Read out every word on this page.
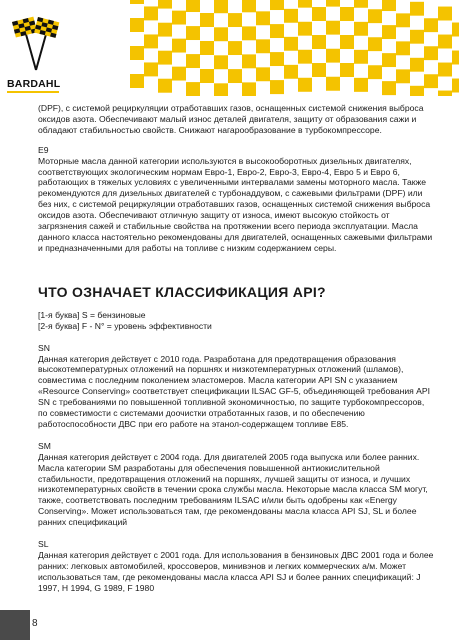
BARDAHL

(DPF), с системой рециркуляции отработавших газов, оснащенных системой снижения выброса оксидов азота. Обеспечивают малый износ деталей двигателя, защиту от образования сажи и обладают стабильностью свойств. Снижают нагарообразование в турбокомпрессоре.

E9

Моторные масла данной категории используются в высокооборотных дизельных двигателях, соответствующих экологическим нормам Евро-1, Евро-2, Евро-3, Евро-4, Евро 5 и Евро 6, работающих в тяжелых условиях с увеличенными интервалами замены моторного масла. Также рекомендуются для дизельных двигателей с турбонаддувом, с сажевыми фильтрами (DPF) или без них, с системой рециркуляции отработавших газов, оснащенных системой снижения выброса оксидов азота. Обеспечивают отличную защиту от износа, имеют высокую стойкость от загрязнения сажей и стабильные свойства на протяжении всего периода эксплуатации. Масла данного класса настоятельно рекомендованы для двигателей, оснащенных сажевыми фильтрами и предназначенными для работы на топливе с низким содержанием серы.

ЧТО ОЗНАЧАЕТ КЛАССИФИКАЦИЯ API?

[1-я буква] S = бензиновые

[2-я буква] F - N° = уровень эффективности

SN

Данная категория действует с 2010 года. Разработана для предотвращения образования высокотемпературных отложений на поршнях и низкотемпературных отложений (шламов), совместима с последним поколением эластомеров. Масла категории API SN с указанием «Resource Conserving» соответствует спецификации ILSAC GF-5, объединяющей требования API SN с требованиями по повышенной топливной экономичностью, по защите турбокомпрессоров, по совместимости с системами доочистки отработанных газов, и по обеспечению работоспособности ДВС при его работе на этанол-содержащем топливе E85.

SM

Данная категория действует с 2004 года. Для двигателей 2005 года выпуска или более ранних. Масла категории SM разработаны для обеспечения повышенной антиокислительной стабильности, предотвращения отложений на поршнях, лучшей защиты от износа, и лучших низкотемпературных свойств в течении срока службы масла. Некоторые масла класса SM могут, также, соответствовать последним требованиям ILSAC и/или быть одобрены как «Energy Conserving». Может использоваться там, где рекомендованы масла класса API SJ, SL и более ранних спецификаций

SL

Данная категория действует с 2001 года. Для использования в бензиновых ДВС 2001 года и более ранних: легковых автомобилей, кроссоверов, минивэнов и легких коммерческих а/м. Может использоваться там, где рекомендованы масла класса API SJ и более ранних спецификаций: J 1997, H 1994, G 1989, F 1980

8
